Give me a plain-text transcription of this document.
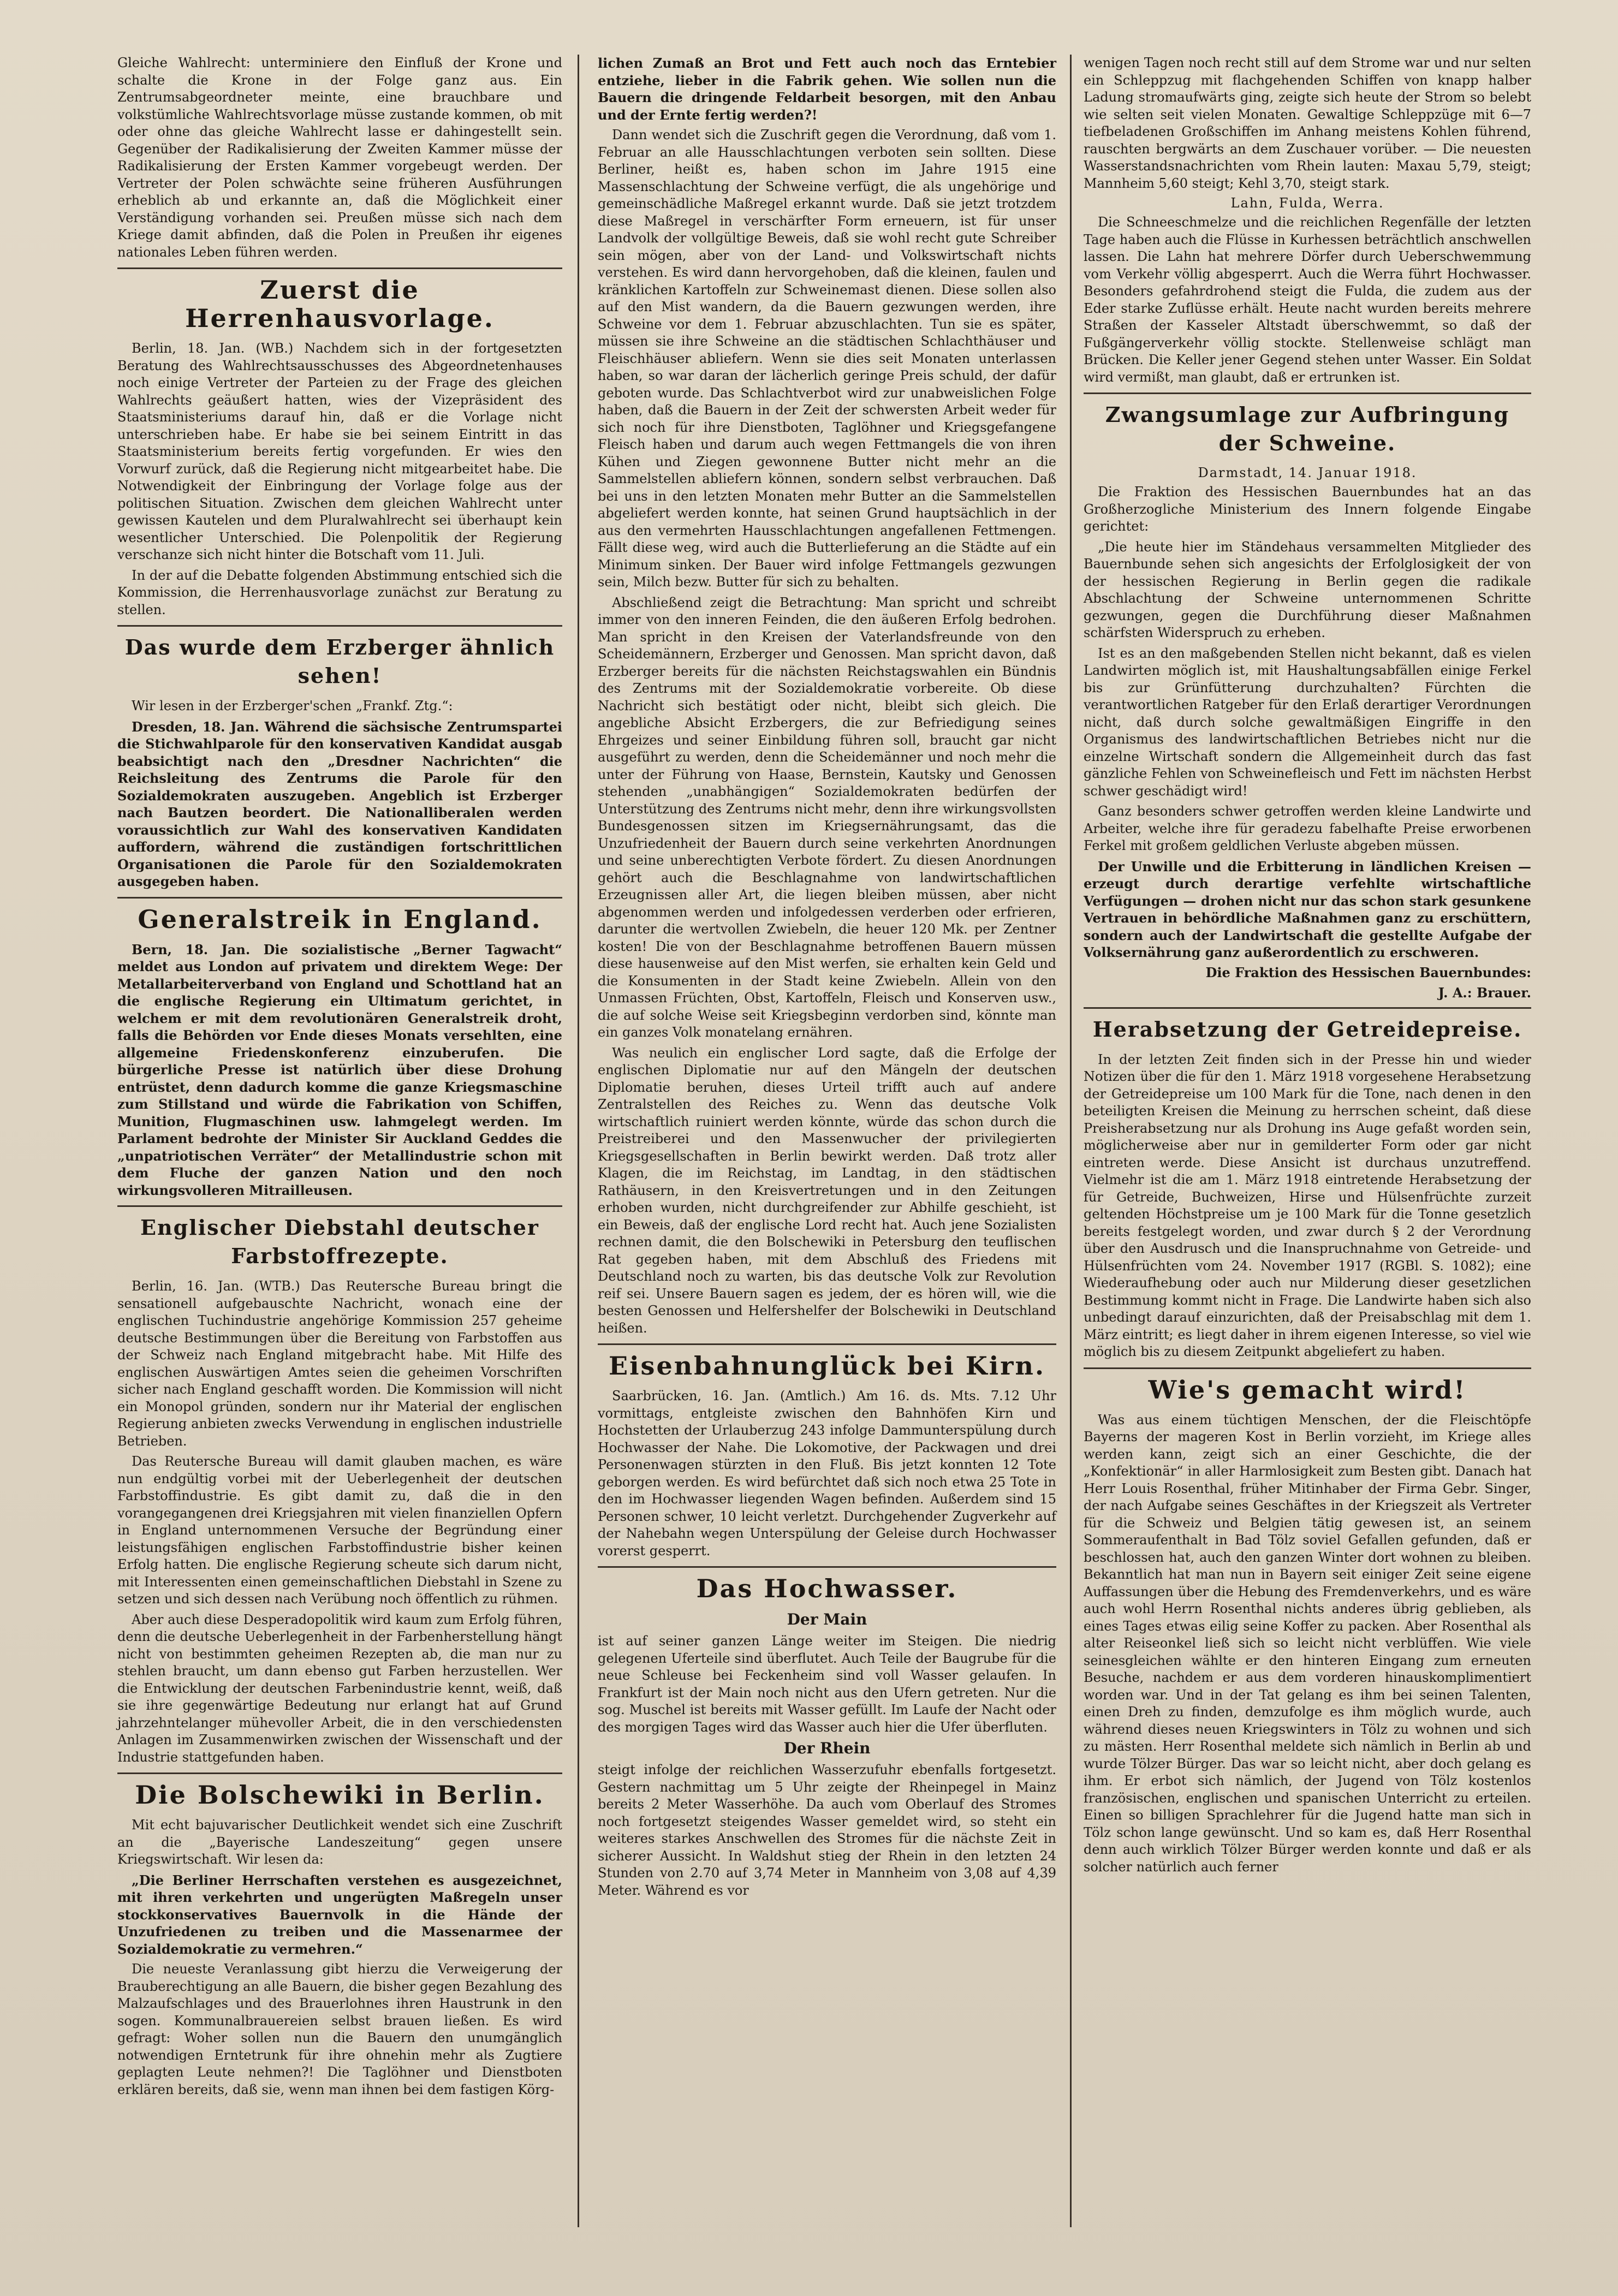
Gleiche Wahlrecht: unterminiere den Einfluß der Krone und schalte die Krone in der Folge ganz aus. Ein Zentrumsabgeordneter meinte, eine brauchbare und volkstümliche Wahlrechtsvorlage müsse zustande kommen, ob mit oder ohne das gleiche Wahlrecht lasse er dahingestellt sein. Gegenüber der Radikalisierung der Zweiten Kammer müsse der Radikalisierung der Ersten Kammer vorgebeugt werden. Der Vertreter der Polen schwächte seine früheren Ausführungen erheblich ab und erkannte an, daß die Möglichkeit einer Verständigung vorhanden sei. Preußen müsse sich nach dem Kriege damit abfinden, daß die Polen in Preußen ihr eigenes nationales Leben führen werden.

Zuerst die Herrenhausvorlage.

Berlin, 18. Jan. (WB.) Nachdem sich in der fortgesetzten Beratung des Wahlrechtsausschusses des Abgeordnetenhauses noch einige Vertreter der Parteien zu der Frage des gleichen Wahlrechts geäußert hatten, wies der Vizepräsident des Staatsministeriums darauf hin, daß er die Vorlage nicht unterschrieben habe. Er habe sie bei seinem Eintritt in das Staatsministerium bereits fertig vorgefunden. Er wies den Vorwurf zurück, daß die Regierung nicht mitgearbeitet habe. Die Notwendigkeit der Einbringung der Vorlage folge aus der politischen Situation. Zwischen dem gleichen Wahlrecht unter gewissen Kautelen und dem Pluralwahlrecht sei überhaupt kein wesentlicher Unterschied. Die Polenpolitik der Regierung verschanze sich nicht hinter die Botschaft vom 11. Juli.

In der auf die Debatte folgenden Abstimmung entschied sich die Kommission, die Herrenhausvorlage zunächst zur Beratung zu stellen.

Das wurde dem Erzberger ähnlich sehen!

Wir lesen in der Erzberger'schen „Frankf. Ztg.“:

Dresden, 18. Jan. Während die sächsische Zentrumspartei die Stichwahlparole für den konservativen Kandidat ausgab beabsichtigt nach den „Dresdner Nachrichten“ die Reichsleitung des Zentrums die Parole für den Sozialdemokraten auszugeben. Angeblich ist Erzberger nach Bautzen beordert. Die Nationalliberalen werden voraussichtlich zur Wahl des konservativen Kandidaten auffordern, während die zuständigen fortschrittlichen Organisationen die Parole für den Sozialdemokraten ausgegeben haben.

Generalstreik in England.

Bern, 18. Jan. Die sozialistische „Berner Tagwacht“ meldet aus London auf privatem und direktem Wege: Der Metallarbeiterverband von England und Schottland hat an die englische Regierung ein Ultimatum gerichtet, in welchem er mit dem revolutionären Generalstreik droht, falls die Behörden vor Ende dieses Monats versehlten, eine allgemeine Friedenskonferenz einzuberufen. Die bürgerliche Presse ist natürlich über diese Drohung entrüstet, denn dadurch komme die ganze Kriegsmaschine zum Stillstand und würde die Fabrikation von Schiffen, Munition, Flugmaschinen usw. lahmgelegt werden. Im Parlament bedrohte der Minister Sir Auckland Geddes die „unpatriotischen Verräter“ der Metallindustrie schon mit dem Fluche der ganzen Nation und den noch wirkungsvolleren Mitrailleusen.

Englischer Diebstahl deutscher Farbstoffrezepte.

Berlin, 16. Jan. (WTB.) Das Reutersche Bureau bringt die sensationell aufgebauschte Nachricht, wonach eine der englischen Tuchindustrie angehörige Kommission 257 geheime deutsche Bestimmungen über die Bereitung von Farbstoffen aus der Schweiz nach England mitgebracht habe. Mit Hilfe des englischen Auswärtigen Amtes seien die geheimen Vorschriften sicher nach England geschafft worden. Die Kommission will nicht ein Monopol gründen, sondern nur ihr Material der englischen Regierung anbieten zwecks Verwendung in englischen industrielle Betrieben.

Das Reutersche Bureau will damit glauben machen, es wäre nun endgültig vorbei mit der Ueberlegenheit der deutschen Farbstoffindustrie. Es gibt damit zu, daß die in den vorangegangenen drei Kriegsjahren mit vielen finanziellen Opfern in England unternommenen Versuche der Begründung einer leistungsfähigen englischen Farbstoffindustrie bisher keinen Erfolg hatten. Die englische Regierung scheute sich darum nicht, mit Interessenten einen gemeinschaftlichen Diebstahl in Szene zu setzen und sich dessen nach Verübung noch öffentlich zu rühmen.

Aber auch diese Desperadopolitik wird kaum zum Erfolg führen, denn die deutsche Ueberlegenheit in der Farbenherstellung hängt nicht von bestimmten geheimen Rezepten ab, die man nur zu stehlen braucht, um dann ebenso gut Farben herzustellen. Wer die Entwicklung der deutschen Farbenindustrie kennt, weiß, daß sie ihre gegenwärtige Bedeutung nur erlangt hat auf Grund jahrzehntelanger mühevoller Arbeit, die in den verschiedensten Anlagen im Zusammenwirken zwischen der Wissenschaft und der Industrie stattgefunden haben.

Die Bolschewiki in Berlin.

Mit echt bajuvarischer Deutlichkeit wendet sich eine Zuschrift an die „Bayerische Landeszeitung“ gegen unsere Kriegswirtschaft. Wir lesen da:

„Die Berliner Herrschaften verstehen es ausgezeichnet, mit ihren verkehrten und ungerügten Maßregeln unser stockkonservatives Bauernvolk in die Hände der Unzufriedenen zu treiben und die Massenarmee der Sozialdemokratie zu vermehren.“

Die neueste Veranlassung gibt hierzu die Verweigerung der Brauberechtigung an alle Bauern, die bisher gegen Bezahlung des Malzaufschlages und des Brauerlohnes ihren Haustrunk in den sogen. Kommunalbrauereien selbst brauen ließen. Es wird gefragt: Woher sollen nun die Bauern den unumgänglich notwendigen Erntetrunk für ihre ohnehin mehr als Zugtiere geplagten Leute nehmen?! Die Taglöhner und Dienstboten erklären bereits, daß sie, wenn man ihnen bei dem fastigen Körg-

lichen Zumaß an Brot und Fett auch noch das Erntebier entziehe, lieber in die Fabrik gehen. Wie sollen nun die Bauern die dringende Feldarbeit besorgen, mit den Anbau und der Ernte fertig werden?!

Dann wendet sich die Zuschrift gegen die Verordnung, daß vom 1. Februar an alle Hausschlachtungen verboten sein sollten. Diese Berliner, heißt es, haben schon im Jahre 1915 eine Massenschlachtung der Schweine verfügt, die als ungehörige und gemeinschädliche Maßregel erkannt wurde. Daß sie jetzt trotzdem diese Maßregel in verschärfter Form erneuern, ist für unser Landvolk der vollgültige Beweis, daß sie wohl recht gute Schreiber sein mögen, aber von der Land- und Volkswirtschaft nichts verstehen. Es wird dann hervorgehoben, daß die kleinen, faulen und kränklichen Kartoffeln zur Schweinemast dienen. Diese sollen also auf den Mist wandern, da die Bauern gezwungen werden, ihre Schweine vor dem 1. Februar abzuschlachten. Tun sie es später, müssen sie ihre Schweine an die städtischen Schlachthäuser und Fleischhäuser abliefern. Wenn sie dies seit Monaten unterlassen haben, so war daran der lächerlich geringe Preis schuld, der dafür geboten wurde. Das Schlachtverbot wird zur unabweislichen Folge haben, daß die Bauern in der Zeit der schwersten Arbeit weder für sich noch für ihre Dienstboten, Taglöhner und Kriegsgefangene Fleisch haben und darum auch wegen Fettmangels die von ihren Kühen und Ziegen gewonnene Butter nicht mehr an die Sammelstellen abliefern können, sondern selbst verbrauchen. Daß bei uns in den letzten Monaten mehr Butter an die Sammelstellen abgeliefert werden konnte, hat seinen Grund hauptsächlich in der aus den vermehrten Hausschlachtungen angefallenen Fettmengen. Fällt diese weg, wird auch die Butterlieferung an die Städte auf ein Minimum sinken. Der Bauer wird infolge Fettmangels gezwungen sein, Milch bezw. Butter für sich zu behalten.

Abschließend zeigt die Betrachtung: Man spricht und schreibt immer von den inneren Feinden, die den äußeren Erfolg bedrohen. Man spricht in den Kreisen der Vaterlandsfreunde von den Scheidemännern, Erzberger und Genossen. Man spricht davon, daß Erzberger bereits für die nächsten Reichstagswahlen ein Bündnis des Zentrums mit der Sozialdemokratie vorbereite. Ob diese Nachricht sich bestätigt oder nicht, bleibt sich gleich. Die angebliche Absicht Erzbergers, die zur Befriedigung seines Ehrgeizes und seiner Einbildung führen soll, braucht gar nicht ausgeführt zu werden, denn die Scheidemänner und noch mehr die unter der Führung von Haase, Bernstein, Kautsky und Genossen stehenden „unabhängigen“ Sozialdemokraten bedürfen der Unterstützung des Zentrums nicht mehr, denn ihre wirkungsvollsten Bundesgenossen sitzen im Kriegsernährungsamt, das die Unzufriedenheit der Bauern durch seine verkehrten Anordnungen und seine unberechtigten Verbote fördert. Zu diesen Anordnungen gehört auch die Beschlagnahme von landwirtschaftlichen Erzeugnissen aller Art, die liegen bleiben müssen, aber nicht abgenommen werden und infolgedessen verderben oder erfrieren, darunter die wertvollen Zwiebeln, die heuer 120 Mk. per Zentner kosten! Die von der Beschlagnahme betroffenen Bauern müssen diese hausenweise auf den Mist werfen, sie erhalten kein Geld und die Konsumenten in der Stadt keine Zwiebeln. Allein von den Unmassen Früchten, Obst, Kartoffeln, Fleisch und Konserven usw., die auf solche Weise seit Kriegsbeginn verdorben sind, könnte man ein ganzes Volk monatelang ernähren.

Was neulich ein englischer Lord sagte, daß die Erfolge der englischen Diplomatie nur auf den Mängeln der deutschen Diplomatie beruhen, dieses Urteil trifft auch auf andere Zentralstellen des Reiches zu. Wenn das deutsche Volk wirtschaftlich ruiniert werden könnte, würde das schon durch die Preistreiberei und den Massenwucher der privilegierten Kriegsgesellschaften in Berlin bewirkt werden. Daß trotz aller Klagen, die im Reichstag, im Landtag, in den städtischen Rathäusern, in den Kreisvertretungen und in den Zeitungen erhoben wurden, nicht durchgreifender zur Abhilfe geschieht, ist ein Beweis, daß der englische Lord recht hat. Auch jene Sozialisten rechnen damit, die den Bolschewiki in Petersburg den teuflischen Rat gegeben haben, mit dem Abschluß des Friedens mit Deutschland noch zu warten, bis das deutsche Volk zur Revolution reif sei. Unsere Bauern sagen es jedem, der es hören will, wie die besten Genossen und Helfershelfer der Bolschewiki in Deutschland heißen.

Eisenbahnunglück bei Kirn.

Saarbrücken, 16. Jan. (Amtlich.) Am 16. ds. Mts. 7.12 Uhr vormittags, entgleiste zwischen den Bahnhöfen Kirn und Hochstetten der Urlauberzug 243 infolge Dammunterspülung durch Hochwasser der Nahe. Die Lokomotive, der Packwagen und drei Personenwagen stürzten in den Fluß. Bis jetzt konnten 12 Tote geborgen werden. Es wird befürchtet daß sich noch etwa 25 Tote in den im Hochwasser liegenden Wagen befinden. Außerdem sind 15 Personen schwer, 10 leicht verletzt. Durchgehender Zugverkehr auf der Nahebahn wegen Unterspülung der Geleise durch Hochwasser vorerst gesperrt.

Das Hochwasser.
Der Main

ist auf seiner ganzen Länge weiter im Steigen. Die niedrig gelegenen Uferteile sind überflutet. Auch Teile der Baugrube für die neue Schleuse bei Feckenheim sind voll Wasser gelaufen. In Frankfurt ist der Main noch nicht aus den Ufern getreten. Nur die sog. Muschel ist bereits mit Wasser gefüllt. Im Laufe der Nacht oder des morgigen Tages wird das Wasser auch hier die Ufer überfluten.

Der Rhein

steigt infolge der reichlichen Wasserzufuhr ebenfalls fortgesetzt. Gestern nachmittag um 5 Uhr zeigte der Rheinpegel in Mainz bereits 2 Meter Wasserhöhe. Da auch vom Oberlauf des Stromes noch fortgesetzt steigendes Wasser gemeldet wird, so steht ein weiteres starkes Anschwellen des Stromes für die nächste Zeit in sicherer Aussicht. In Waldshut stieg der Rhein in den letzten 24 Stunden von 2.70 auf 3,74 Meter in Mannheim von 3,08 auf 4,39 Meter. Während es vor

wenigen Tagen noch recht still auf dem Strome war und nur selten ein Schleppzug mit flachgehenden Schiffen von knapp halber Ladung stromaufwärts ging, zeigte sich heute der Strom so belebt wie selten seit vielen Monaten. Gewaltige Schleppzüge mit 6—7 tiefbeladenen Großschiffen im Anhang meistens Kohlen führend, rauschten bergwärts an dem Zuschauer vorüber. — Die neuesten Wasserstandsnachrichten vom Rhein lauten: Maxau 5,79, steigt; Mannheim 5,60 steigt; Kehl 3,70, steigt stark.

Lahn, Fulda, Werra.

Die Schneeschmelze und die reichlichen Regenfälle der letzten Tage haben auch die Flüsse in Kurhessen beträchtlich anschwellen lassen. Die Lahn hat mehrere Dörfer durch Ueberschwemmung vom Verkehr völlig abgesperrt. Auch die Werra führt Hochwasser. Besonders gefahrdrohend steigt die Fulda, die zudem aus der Eder starke Zuflüsse erhält. Heute nacht wurden bereits mehrere Straßen der Kasseler Altstadt überschwemmt, so daß der Fußgängerverkehr völlig stockte. Stellenweise schlägt man Brücken. Die Keller jener Gegend stehen unter Wasser. Ein Soldat wird vermißt, man glaubt, daß er ertrunken ist.

Zwangsumlage zur Aufbringung der Schweine.
Darmstadt, 14. Januar 1918.

Die Fraktion des Hessischen Bauernbundes hat an das Großherzogliche Ministerium des Innern folgende Eingabe gerichtet:

„Die heute hier im Ständehaus versammelten Mitglieder des Bauernbunde sehen sich angesichts der Erfolglosigkeit der von der hessischen Regierung in Berlin gegen die radikale Abschlachtung der Schweine unternommenen Schritte gezwungen, gegen die Durchführung dieser Maßnahmen schärfsten Widerspruch zu erheben.

Ist es an den maßgebenden Stellen nicht bekannt, daß es vielen Landwirten möglich ist, mit Haushaltungsabfällen einige Ferkel bis zur Grünfütterung durchzuhalten? Fürchten die verantwortlichen Ratgeber für den Erlaß derartiger Verordnungen nicht, daß durch solche gewaltmäßigen Eingriffe in den Organismus des landwirtschaftlichen Betriebes nicht nur die einzelne Wirtschaft sondern die Allgemeinheit durch das fast gänzliche Fehlen von Schweinefleisch und Fett im nächsten Herbst schwer geschädigt wird!

Ganz besonders schwer getroffen werden kleine Landwirte und Arbeiter, welche ihre für geradezu fabelhafte Preise erworbenen Ferkel mit großem geldlichen Verluste abgeben müssen.

Der Unwille und die Erbitterung in ländlichen Kreisen — erzeugt durch derartige verfehlte wirtschaftliche Verfügungen — drohen nicht nur das schon stark gesunkene Vertrauen in behördliche Maßnahmen ganz zu erschüttern, sondern auch der Landwirtschaft die gestellte Aufgabe der Volksernährung ganz außerordentlich zu erschweren.

Die Fraktion des Hessischen Bauernbundes:
J. A.: Brauer.
Herabsetzung der Getreidepreise.

In der letzten Zeit finden sich in der Presse hin und wieder Notizen über die für den 1. März 1918 vorgesehene Herabsetzung der Getreidepreise um 100 Mark für die Tone, nach denen in den beteiligten Kreisen die Meinung zu herrschen scheint, daß diese Preisherabsetzung nur als Drohung ins Auge gefaßt worden sein, möglicherweise aber nur in gemilderter Form oder gar nicht eintreten werde. Diese Ansicht ist durchaus unzutreffend. Vielmehr ist die am 1. März 1918 eintretende Herabsetzung der für Getreide, Buchweizen, Hirse und Hülsenfrüchte zurzeit geltenden Höchstpreise um je 100 Mark für die Tonne gesetzlich bereits festgelegt worden, und zwar durch § 2 der Verordnung über den Ausdrusch und die Inanspruchnahme von Getreide- und Hülsenfrüchten vom 24. November 1917 (RGBl. S. 1082); eine Wiederaufhebung oder auch nur Milderung dieser gesetzlichen Bestimmung kommt nicht in Frage. Die Landwirte haben sich also unbedingt darauf einzurichten, daß der Preisabschlag mit dem 1. März eintritt; es liegt daher in ihrem eigenen Interesse, so viel wie möglich bis zu diesem Zeitpunkt abgeliefert zu haben.

Wie's gemacht wird!

Was aus einem tüchtigen Menschen, der die Fleischtöpfe Bayerns der mageren Kost in Berlin vorzieht, im Kriege alles werden kann, zeigt sich an einer Geschichte, die der „Konfektionär“ in aller Harmlosigkeit zum Besten gibt. Danach hat Herr Louis Rosenthal, früher Mitinhaber der Firma Gebr. Singer, der nach Aufgabe seines Geschäftes in der Kriegszeit als Vertreter für die Schweiz und Belgien tätig gewesen ist, an seinem Sommeraufenthalt in Bad Tölz soviel Gefallen gefunden, daß er beschlossen hat, auch den ganzen Winter dort wohnen zu bleiben. Bekanntlich hat man nun in Bayern seit einiger Zeit seine eigene Auffassungen über die Hebung des Fremdenverkehrs, und es wäre auch wohl Herrn Rosenthal nichts anderes übrig geblieben, als eines Tages etwas eilig seine Koffer zu packen. Aber Rosenthal als alter Reiseonkel ließ sich so leicht nicht verblüffen. Wie viele seinesgleichen wählte er den hinteren Eingang zum erneuten Besuche, nachdem er aus dem vorderen hinauskomplimentiert worden war. Und in der Tat gelang es ihm bei seinen Talenten, einen Dreh zu finden, demzufolge es ihm möglich wurde, auch während dieses neuen Kriegswinters in Tölz zu wohnen und sich zu mästen. Herr Rosenthal meldete sich nämlich in Berlin ab und wurde Tölzer Bürger. Das war so leicht nicht, aber doch gelang es ihm. Er erbot sich nämlich, der Jugend von Tölz kostenlos französischen, englischen und spanischen Unterricht zu erteilen. Einen so billigen Sprachlehrer für die Jugend hatte man sich in Tölz schon lange gewünscht. Und so kam es, daß Herr Rosenthal denn auch wirklich Tölzer Bürger werden konnte und daß er als solcher natürlich auch ferner
